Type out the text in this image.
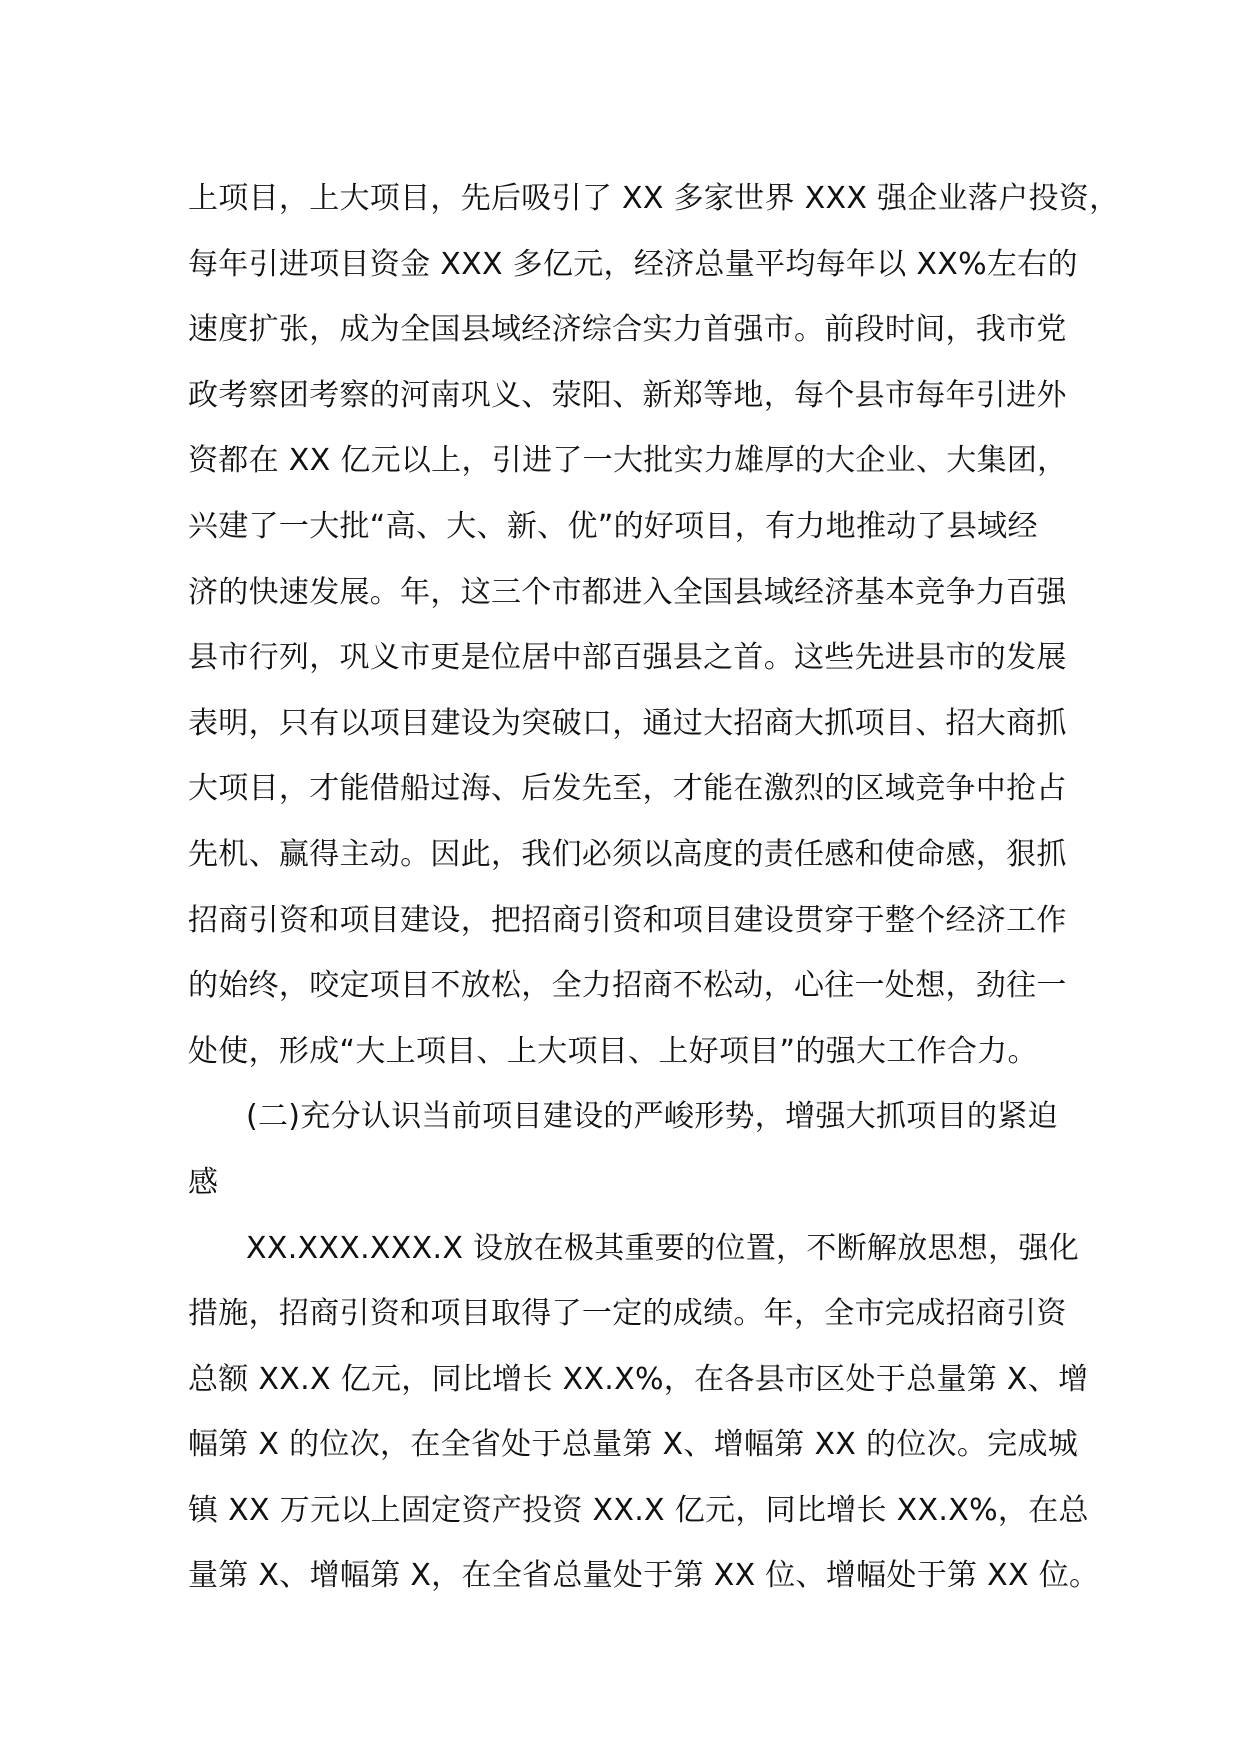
上项目，上大项目，先后吸引了 XX 多家世界 XXX 强企业落户投资，
每年引进项目资金 XXX 多亿元，经济总量平均每年以 XX%左右的
速度扩张，成为全国县域经济综合实力首强市。前段时间，我市党
政考察团考察的河南巩义、荥阳、新郑等地，每个县市每年引进外
资都在 XX 亿元以上，引进了一大批实力雄厚的大企业、大集团，
兴建了一大批“高、大、新、优”的好项目，有力地推动了县域经
济的快速发展。年，这三个市都进入全国县域经济基本竞争力百强
县市行列，巩义市更是位居中部百强县之首。这些先进县市的发展
表明，只有以项目建设为突破口，通过大招商大抓项目、招大商抓
大项目，才能借船过海、后发先至，才能在激烈的区域竞争中抢占
先机、赢得主动。因此，我们必须以高度的责任感和使命感，狠抓
招商引资和项目建设，把招商引资和项目建设贯穿于整个经济工作
的始终，咬定项目不放松，全力招商不松动，心往一处想，劲往一
处使，形成“大上项目、上大项目、上好项目”的强大工作合力。
(二)充分认识当前项目建设的严峻形势，增强大抓项目的紧迫
感
XX.XXX.XXX.X 设放在极其重要的位置，不断解放思想，强化
措施，招商引资和项目取得了一定的成绩。年，全市完成招商引资
总额 XX.X 亿元，同比增长 XX.X%，在各县市区处于总量第 X、增
幅第 X 的位次，在全省处于总量第 X、增幅第 XX 的位次。完成城
镇 XX 万元以上固定资产投资 XX.X 亿元，同比增长 XX.X%，在总
量第 X、增幅第 X，在全省总量处于第 XX 位、增幅处于第 XX 位。
